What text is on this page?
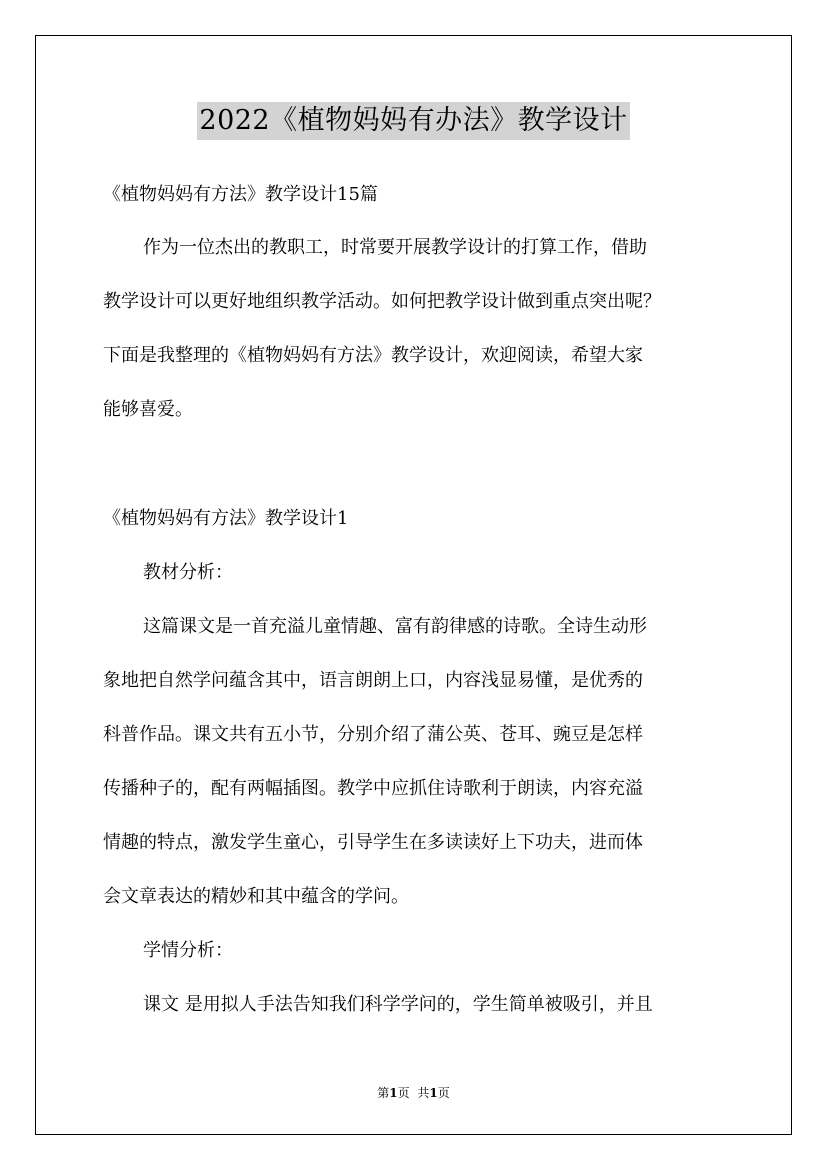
2022《植物妈妈有办法》教学设计
《植物妈妈有方法》教学设计15篇
作为一位杰出的教职工，时常要开展教学设计的打算工作，借助
教学设计可以更好地组织教学活动。如何把教学设计做到重点突出呢？
下面是我整理的《植物妈妈有方法》教学设计，欢迎阅读，希望大家
能够喜爱。
《植物妈妈有方法》教学设计1
教材分析：
这篇课文是一首充溢儿童情趣、富有韵律感的诗歌。全诗生动形
象地把自然学问蕴含其中，语言朗朗上口，内容浅显易懂，是优秀的
科普作品。课文共有五小节，分别介绍了蒲公英、苍耳、豌豆是怎样
传播种子的，配有两幅插图。教学中应抓住诗歌利于朗读，内容充溢
情趣的特点，激发学生童心，引导学生在多读读好上下功夫，进而体
会文章表达的精妙和其中蕴含的学问。
学情分析：
课文 是用拟人手法告知我们科学学问的，学生简单被吸引，并且
第1页 共1页
